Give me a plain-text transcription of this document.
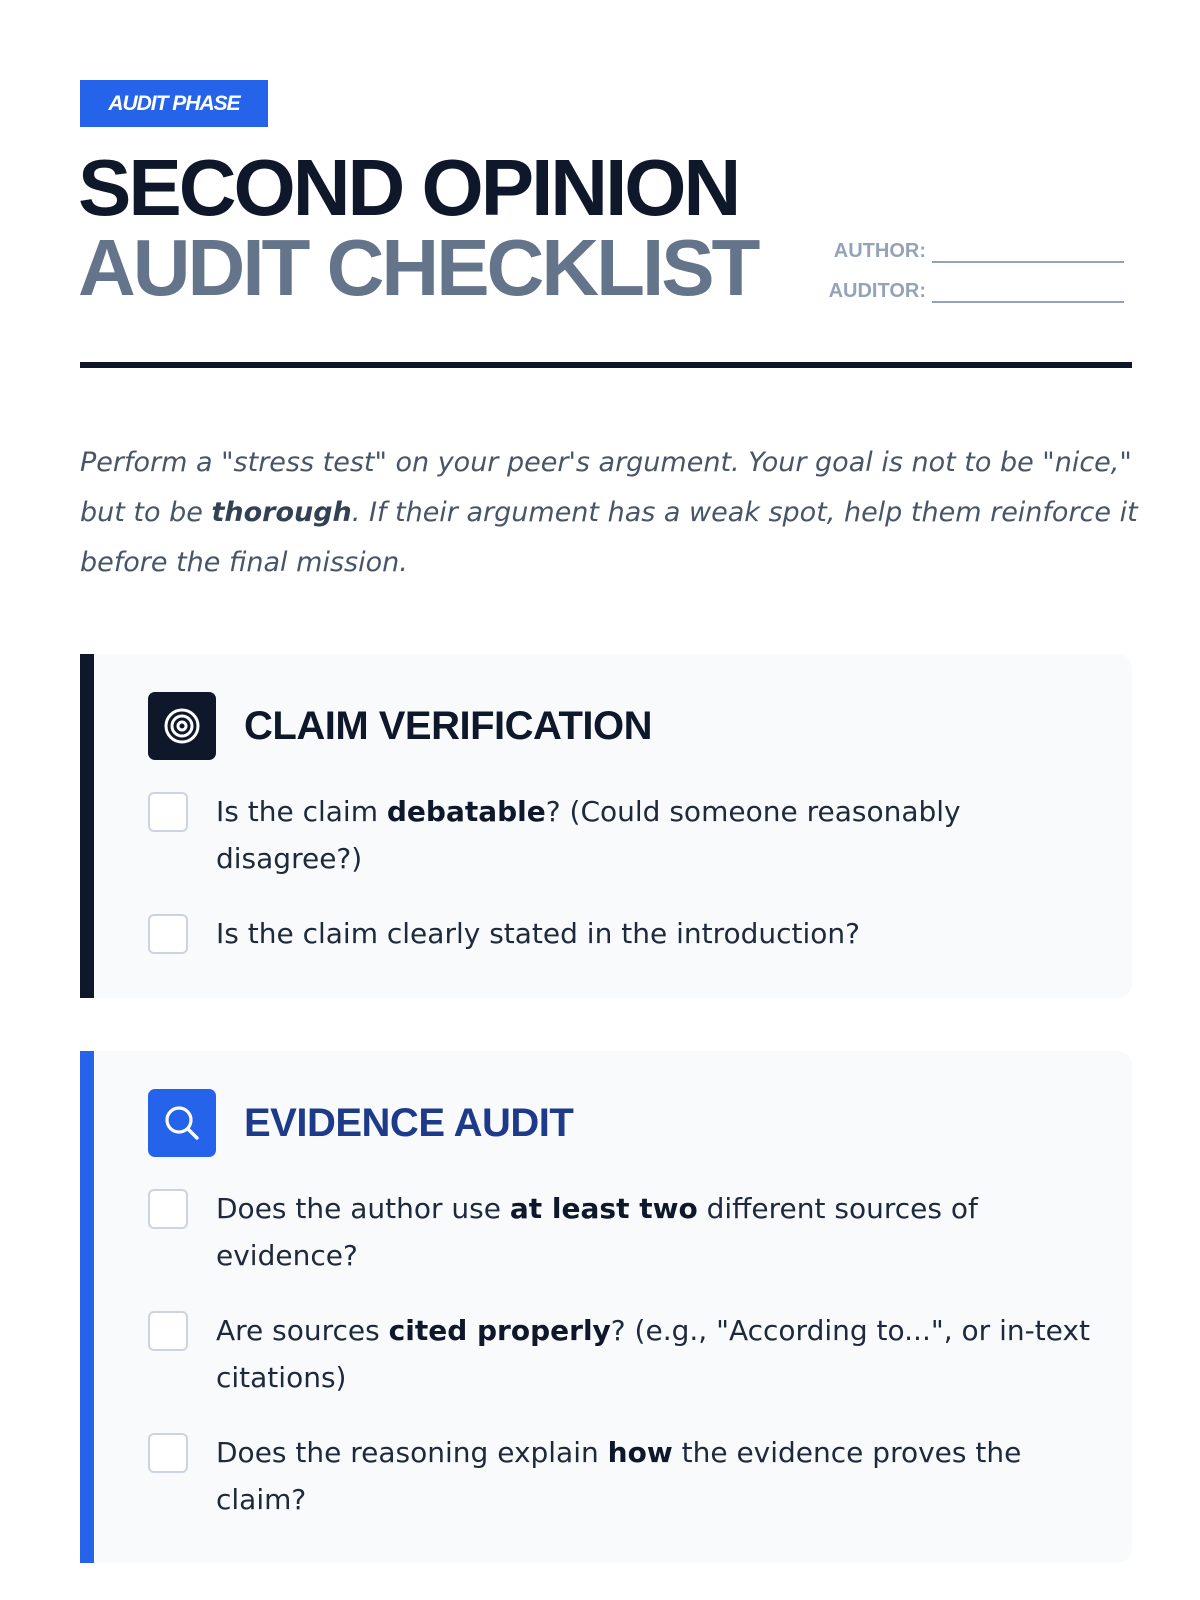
AUDIT PHASE
SECOND OPINION
AUDIT CHECKLIST	AUTHOR:
AUDITOR:

Perform a "stress test" on your peer's argument. Your goal is not to be "nice," but to be thorough. If their argument has a weak spot, help them reinforce it before the final mission.

CLAIM VERIFICATION
Is the claim debatable? (Could someone reasonably disagree?)
Is the claim clearly stated in the introduction?
EVIDENCE AUDIT
Does the author use at least two different sources of evidence?
Are sources cited properly? (e.g., "According to...", or in-text citations)
Does the reasoning explain how the evidence proves the claim?
